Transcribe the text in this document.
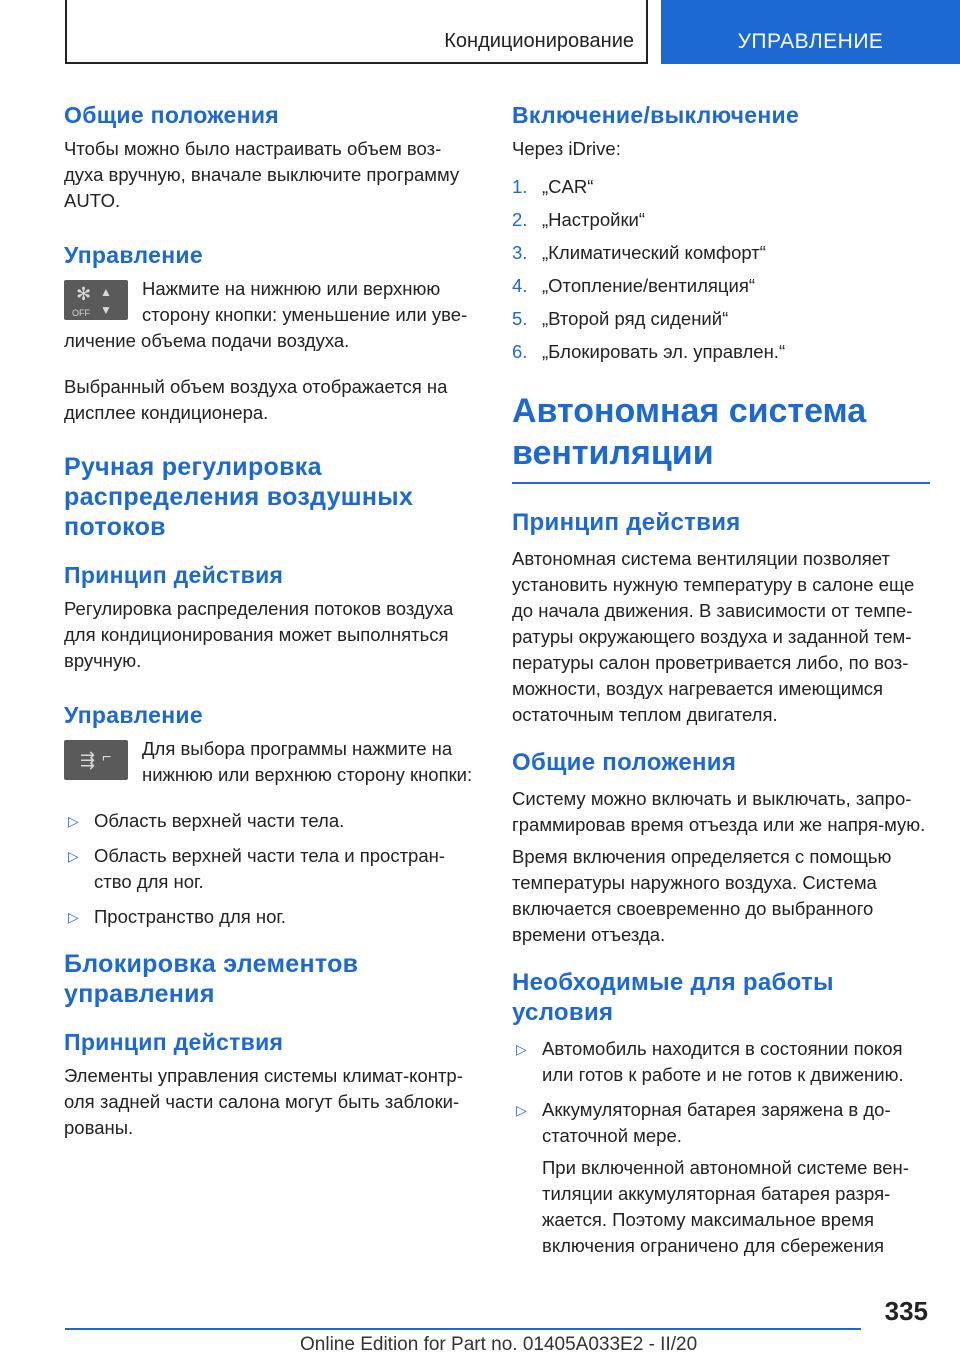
Кондиционирование	УПРАВЛЕНИЕ
Общие положения

Чтобы можно было настраивать объем воз-духа вручную, вначале выключите программу AUTO.

Управление
✻ ▲
▼
OFF

Нажмите на нижнюю или верхнюю сторону кнопки: уменьшение или уве-личение объема подачи воздуха.

Выбранный объем воздуха отображается на дисплее кондиционера.

Ручная регулировка распределения воздушных потоков
Принцип действия

Регулировка распределения потоков воздуха для кондиционирования может выполняться вручную.

Управление
⇶ ⌐	Для выбора программы нажмите на нижнюю или верхнюю сторону кнопки:

▷ Область верхней части тела.
▷ Область верхней части тела и простран-ство для ног.
▷ Пространство для ног.
Блокировка элементов управления
Принцип действия

Элементы управления системы климат-контр-оля задней части салона могут быть заблоки-рованы.

Включение/выключение

Через iDrive:

1. „CAR“
2. „Настройки“
3. „Климатический комфорт“
4. „Отопление/вентиляция“
5. „Второй ряд сидений“
6. „Блокировать эл. управлен.“
Автономная система вентиляции
Принцип действия

Автономная система вентиляции позволяет установить нужную температуру в салоне еще до начала движения. В зависимости от темпе-ратуры окружающего воздуха и заданной тем-пературы салон проветривается либо, по воз-можности, воздух нагревается имеющимся остаточным теплом двигателя.

Общие положения

Систему можно включать и выключать, запро-граммировав время отъезда или же напря-мую.

Время включения определяется с помощью температуры наружного воздуха. Система включается своевременно до выбранного времени отъезда.

Необходимые для работы условия
▷ Автомобиль находится в состоянии покоя или готов к работе и не готов к движению.
▷ Аккумуляторная батарея заряжена в до-статочной мере.

При включенной автономной системе вен-тиляции аккумуляторная батарея разря-жается. Поэтому максимальное время включения ограничено для сбережения

335
Online Edition for Part no. 01405A033E2 - II/20
